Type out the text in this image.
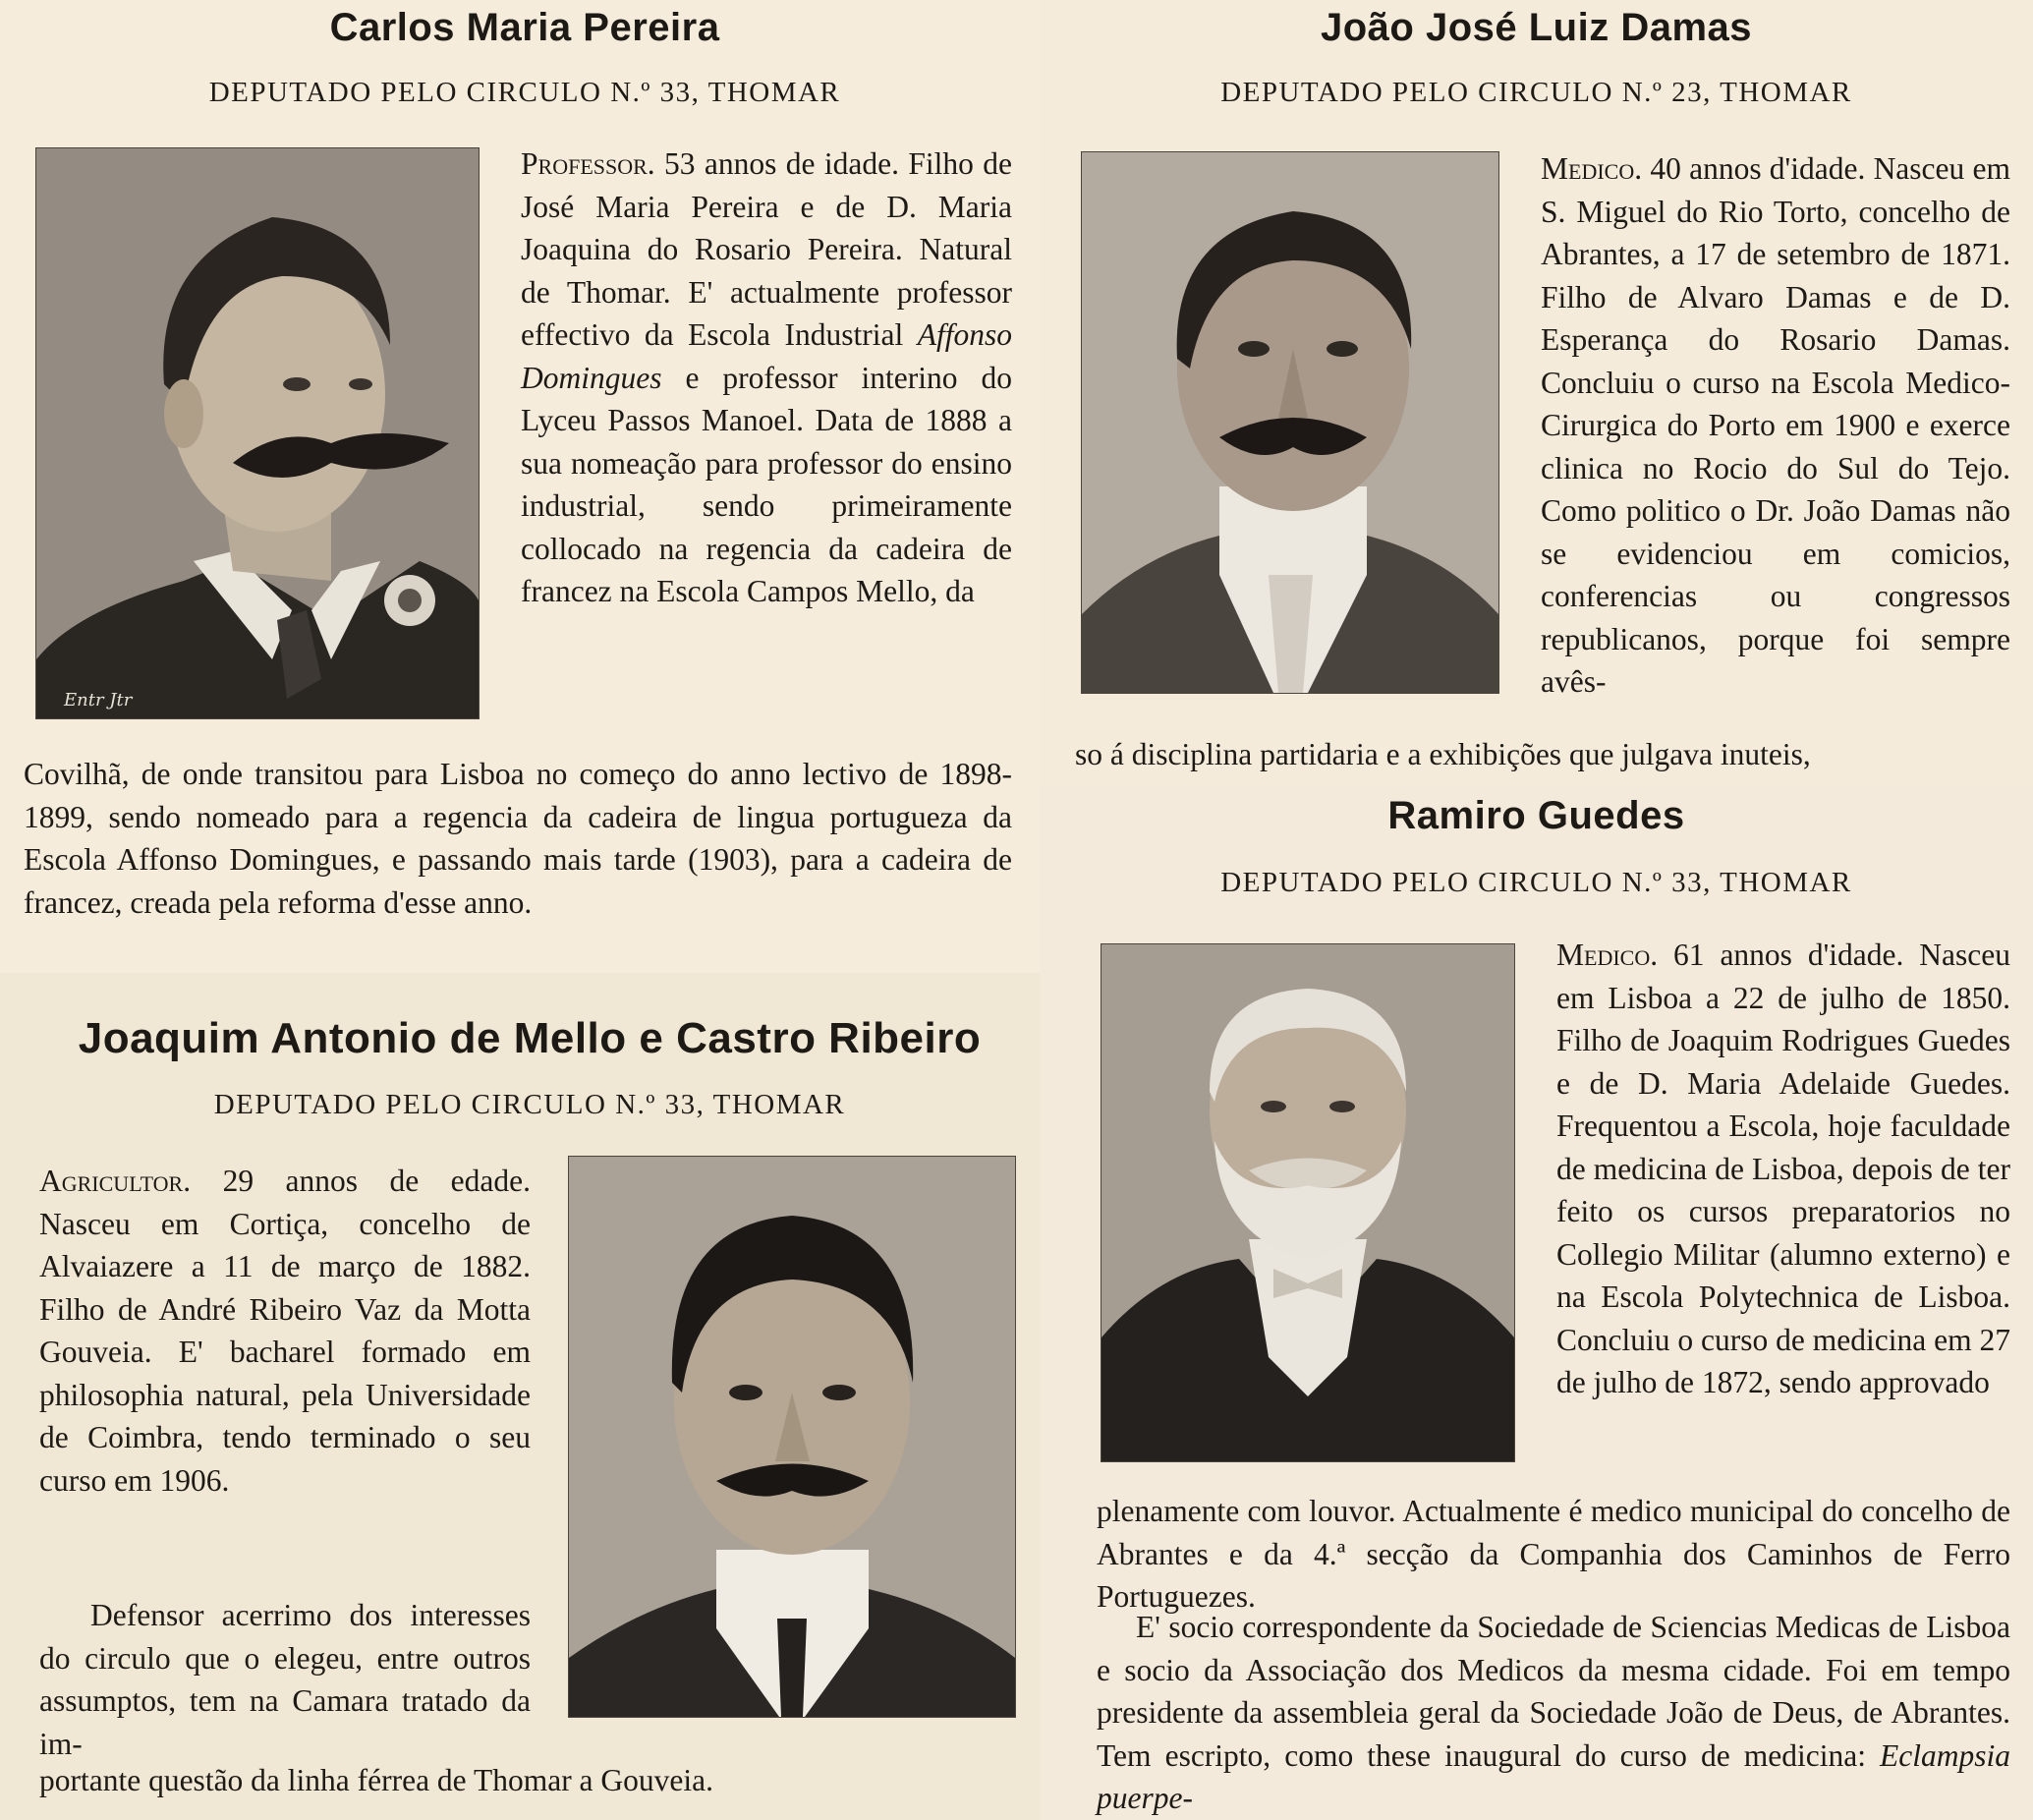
Carlos Maria Pereira
DEPUTADO PELO CIRCULO N.º 33, THOMAR
Entr Jtr

Professor. 53 annos de idade. Filho de José Maria Pereira e de D. Maria Joaquina do Rosario Pereira. Natural de Thomar. E' actualmente professor effectivo da Escola Industrial Affonso Domingues e professor interino do Lyceu Passos Manoel. Data de 1888 a sua nomeação para professor do ensino industrial, sendo primeiramente collocado na regencia da cadeira de francez na Escola Campos Mello, da

Covilhã, de onde transitou para Lisboa no começo do anno lectivo de 1898-1899, sendo nomeado para a regencia da cadeira de lingua portugueza da Escola Affonso Domingues, e passando mais tarde (1903), para a cadeira de francez, creada pela reforma d'esse anno.

João José Luiz Damas
DEPUTADO PELO CIRCULO N.º 23, THOMAR

Medico. 40 annos d'idade. Nasceu em S. Miguel do Rio Torto, concelho de Abrantes, a 17 de setembro de 1871. Filho de Alvaro Damas e de D. Esperança do Rosario Damas. Concluiu o curso na Escola Medico-Cirurgica do Porto em 1900 e exerce clinica no Rocio do Sul do Tejo. Como politico o Dr. João Damas não se evidenciou em comicios, conferencias ou congressos republicanos, porque foi sempre avês-

so á disciplina partidaria e a exhibições que julgava inuteis,

Joaquim Antonio de Mello e Castro Ribeiro
DEPUTADO PELO CIRCULO N.º 33, THOMAR

Agricultor. 29 annos de edade. Nasceu em Cortiça, concelho de Alvaiazere a 11 de março de 1882. Filho de André Ribeiro Vaz da Motta Gouveia. E' bacharel formado em philosophia natural, pela Universidade de Coimbra, tendo terminado o seu curso em 1906.

Defensor acerrimo dos interesses do circulo que o elegeu, entre outros assumptos, tem na Camara tratado da im-

portante questão da linha férrea de Thomar a Gouveia.

Ramiro Guedes
DEPUTADO PELO CIRCULO N.º 33, THOMAR

Medico. 61 annos d'idade. Nasceu em Lisboa a 22 de julho de 1850. Filho de Joaquim Rodrigues Guedes e de D. Maria Adelaide Guedes. Frequentou a Escola, hoje faculdade de medicina de Lisboa, depois de ter feito os cursos preparatorios no Collegio Militar (alumno externo) e na Escola Polytechnica de Lisboa. Concluiu o curso de medicina em 27 de julho de 1872, sendo approvado

plenamente com louvor. Actualmente é medico municipal do concelho de Abrantes e da 4.ª secção da Companhia dos Caminhos de Ferro Portuguezes.

E' socio correspondente da Sociedade de Sciencias Medicas de Lisboa e socio da Associação dos Medicos da mesma cidade. Foi em tempo presidente da assembleia geral da Sociedade João de Deus, de Abrantes. Tem escripto, como these inaugural do curso de medicina: Eclampsia puerpe-
